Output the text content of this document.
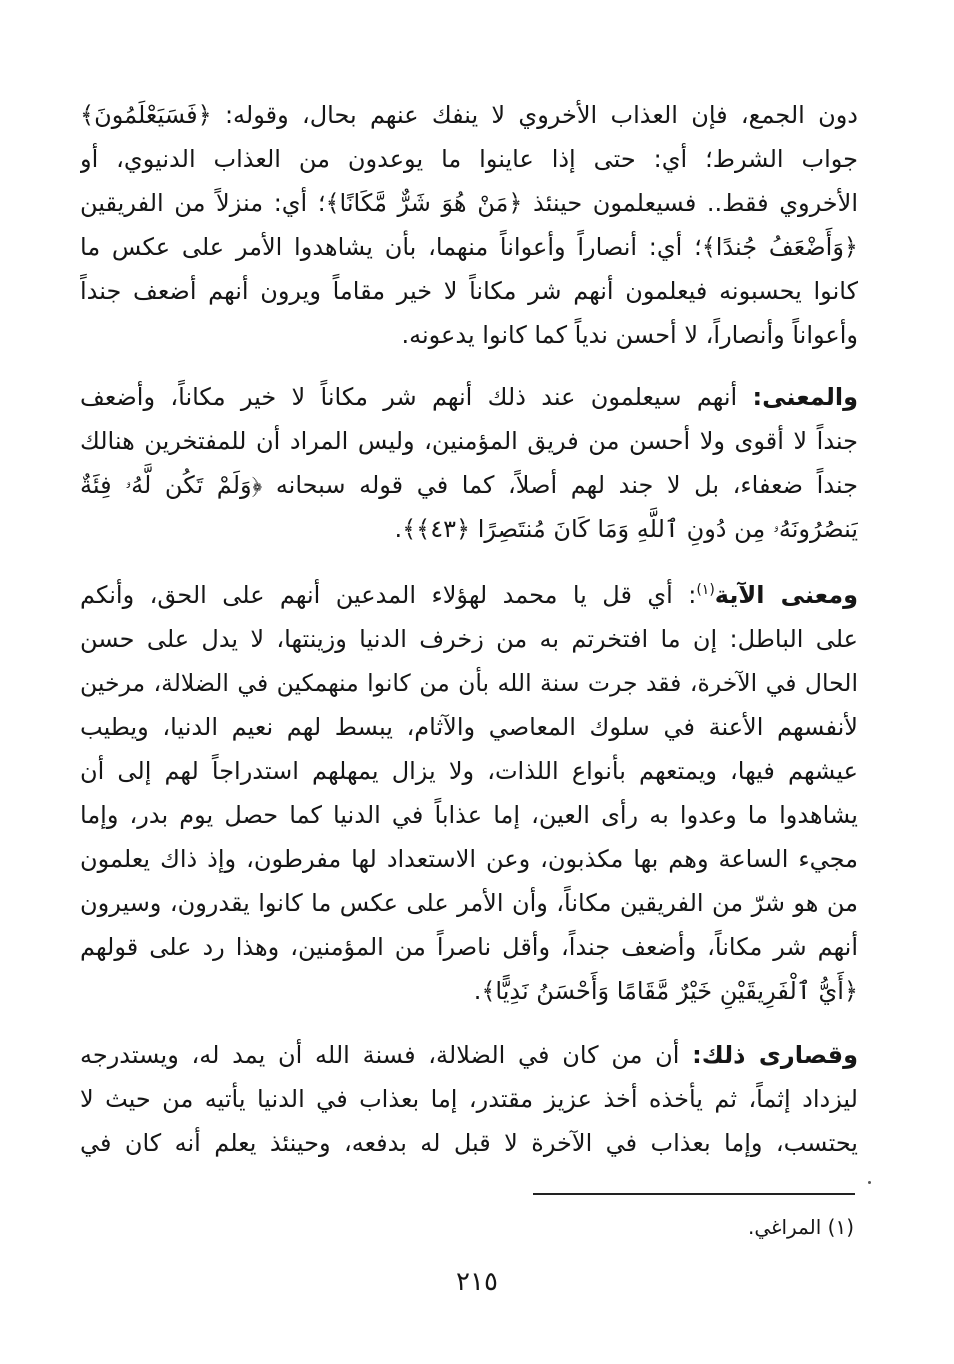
دون الجمع، فإن العذاب الأخروي لا ينفك عنهم بحال، وقوله: ﴿فَسَيَعْلَمُونَ﴾
جواب الشرط؛ أي: حتى إذا عاينوا ما يوعدون من العذاب الدنيوي، أو
الأخروي فقط.. فسيعلمون حينئذ ﴿مَنْ هُوَ شَرٌّ مَّكَانًا﴾؛ أي: منزلاً من الفريقين
﴿وَأَضْعَفُ جُندًا﴾؛ أي: أنصاراً وأعواناً منهما، بأن يشاهدوا الأمر على عكس ما
كانوا يحسبونه فيعلمون أنهم شر مكاناً لا خير مقاماً ويرون أنهم أضعف جنداً
وأعواناً وأنصاراً، لا أحسن ندياً كما كانوا يدعونه.
والمعنى: أنهم سيعلمون عند ذلك أنهم شر مكاناً لا خير مكاناً، وأضعف
جنداً لا أقوى ولا أحسن من فريق المؤمنين، وليس المراد أن للمفتخرين هنالك
جنداً ضعفاء، بل لا جند لهم أصلاً، كما في قوله سبحانه ﴿وَلَمْ تَكُن لَّهُۥ فِئَةٌ
يَنصُرُونَهُۥ مِن دُونِ ٱللَّهِ وَمَا كَانَ مُنتَصِرًا ﴿٤٣﴾﴾.
ومعنى الآية$^{(١)}$: أي قل يا محمد لهؤلاء المدعين أنهم على الحق، وأنكم
على الباطل: إن ما افتخرتم به من زخرف الدنيا وزينتها، لا يدل على حسن
الحال في الآخرة، فقد جرت سنة الله بأن من كانوا منهمكين في الضلالة، مرخين
لأنفسهم الأعنة في سلوك المعاصي والآثام، يبسط لهم نعيم الدنيا، ويطيب
عيشهم فيها، ويمتعهم بأنواع اللذات، ولا يزال يمهلهم استدراجاً لهم إلى أن
يشاهدوا ما وعدوا به رأى العين، إما عذاباً في الدنيا كما حصل يوم بدر، وإما
مجيء الساعة وهم بها مكذبون، وعن الاستعداد لها مفرطون، وإذ ذاك يعلمون
من هو شرّ من الفريقين مكاناً، وأن الأمر على عكس ما كانوا يقدرون، وسيرون
أنهم شر مكاناً، وأضعف جنداً، وأقل ناصراً من المؤمنين، وهذا رد على قولهم
﴿أَيُّ ٱلْفَرِيقَيْنِ خَيْرٌ مَّقَامًا وَأَحْسَنُ نَدِيًّا﴾.
وقصارى ذلك: أن من كان في الضلالة، فسنة الله أن يمد له، ويستدرجه
ليزداد إثماً، ثم يأخذه أخذ عزيز مقتدر، إما بعذاب في الدنيا يأتيه من حيث لا
يحتسب، وإما بعذاب في الآخرة لا قبل له بدفعه، وحينئذ يعلم أنه كان في
(١) المراغي.
٢١٥
